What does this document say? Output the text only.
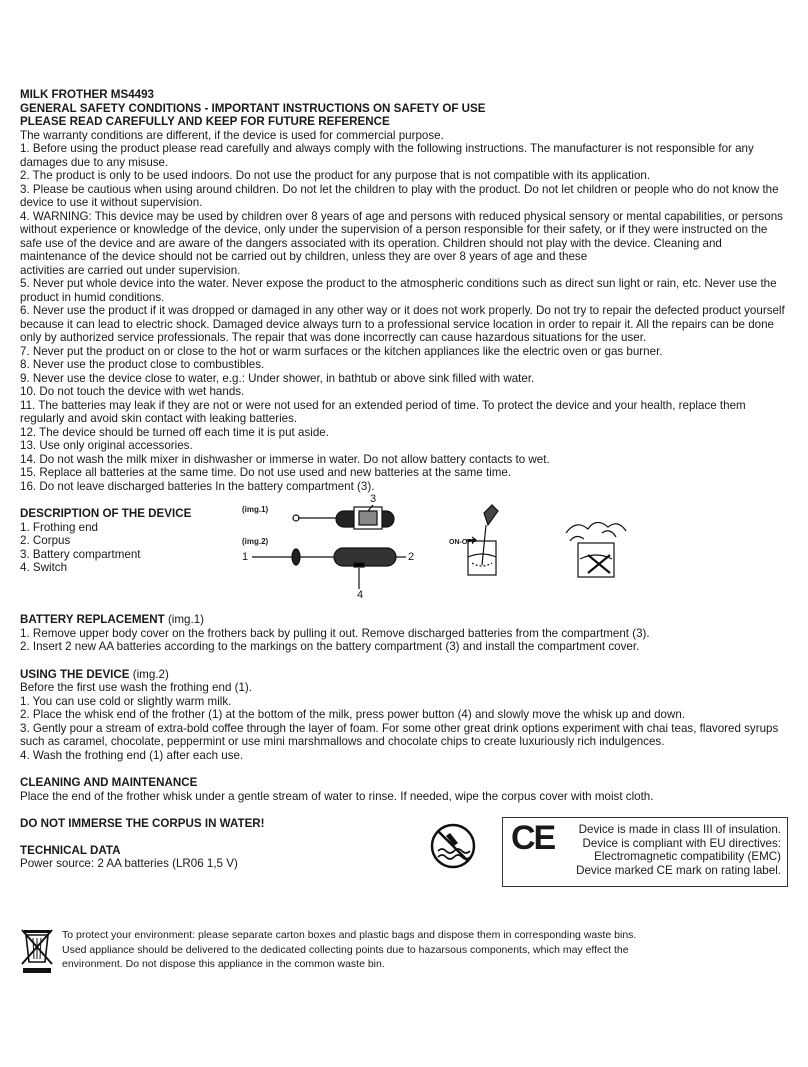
MILK FROTHER MS4493

GENERAL SAFETY CONDITIONS - IMPORTANT INSTRUCTIONS ON SAFETY OF USE

PLEASE READ CAREFULLY AND KEEP FOR FUTURE REFERENCE

The warranty conditions are different, if the device is used for commercial purpose.

1. Before using the product please read carefully and always comply with the following instructions. The manufacturer is not responsible for any damages due to any misuse.

2. The product is only to be used indoors. Do not use the product for any purpose that is not compatible with its application.

3. Please be cautious when using around children. Do not let the children to play with the product. Do not let children or people who do not know the device to use it without supervision.

4. WARNING: This device may be used by children over 8 years of age and persons with reduced physical sensory or mental capabilities, or persons without experience or knowledge of the device, only under the supervision of a person responsible for their safety, or if they were instructed on the safe use of the device and are aware of the dangers associated with its operation. Children should not play with the device. Cleaning and maintenance of the device should not be carried out by children, unless they are over 8 years of age and these

activities are carried out under supervision.

5. Never put whole device into the water. Never expose the product to the atmospheric conditions such as direct sun light or rain, etc. Never use the product in humid conditions.

6. Never use the product if it was dropped or damaged in any other way or it does not work properly. Do not try to repair the defected product yourself because it can lead to electric shock. Damaged device always turn to a professional service location in order to repair it. All the repairs can be done only by authorized service professionals. The repair that was done incorrectly can cause hazardous situations for the user.

7. Never put the product on or close to the hot or warm surfaces or the kitchen appliances like the electric oven or gas burner.

8. Never use the product close to combustibles.

9. Never use the device close to water, e.g.: Under shower, in bathtub or above sink filled with water.

10. Do not touch the device with wet hands.

11. The batteries may leak if they are not or were not used for an extended period of time. To protect the device and your health, replace them regularly and avoid skin contact with leaking batteries.

12. The device should be turned off each time it is put aside.

13. Use only original accessories.

14. Do not wash the milk mixer in dishwasher or immerse in water. Do not allow battery contacts to wet.

15. Replace all batteries at the same time. Do not use used and new batteries at the same time.

16. Do not leave discharged batteries In the battery compartment (3).

DESCRIPTION OF THE DEVICE

1. Frothing end

2. Corpus

3. Battery compartment

4. Switch

(img.1)
(img.2)
3
1	2
4
ON-OFF

BATTERY REPLACEMENT (img.1)

1. Remove upper body cover on the frothers back by pulling it out. Remove discharged batteries from the compartment (3).

2. Insert 2 new AA batteries according to the markings on the battery compartment (3) and install the compartment cover.

USING THE DEVICE (img.2)

Before the first use wash the frothing end (1).

1. You can use cold or slightly warm milk.

2. Place the whisk end of the frother (1) at the bottom of the milk, press power button (4) and slowly move the whisk up and down.

3. Gently pour a stream of extra-bold coffee through the layer of foam. For some other great drink options experiment with chai teas, flavored syrups such as caramel, chocolate, peppermint or use mini marshmallows and chocolate chips to create luxuriously rich indulgences.

4. Wash the frothing end (1) after each use.

CLEANING AND MAINTENANCE

Place the end of the frother whisk under a gentle stream of water to rinse. If needed, wipe the corpus cover with moist cloth.

DO NOT IMMERSE THE CORPUS IN WATER!

TECHNICAL DATA

Power source: 2 AA batteries (LR06 1,5 V)

CE Device is made in class III of insulation.

Device is compliant with EU directives:

Electromagnetic compatibility (EMC)

Device marked CE mark on rating label.

To protect your environment: please separate carton boxes and plastic bags and dispose them in corresponding waste bins.

Used appliance should be delivered to the dedicated collecting points due to hazarsous components, which may effect the

environment. Do not dispose this appliance in the common waste bin.
